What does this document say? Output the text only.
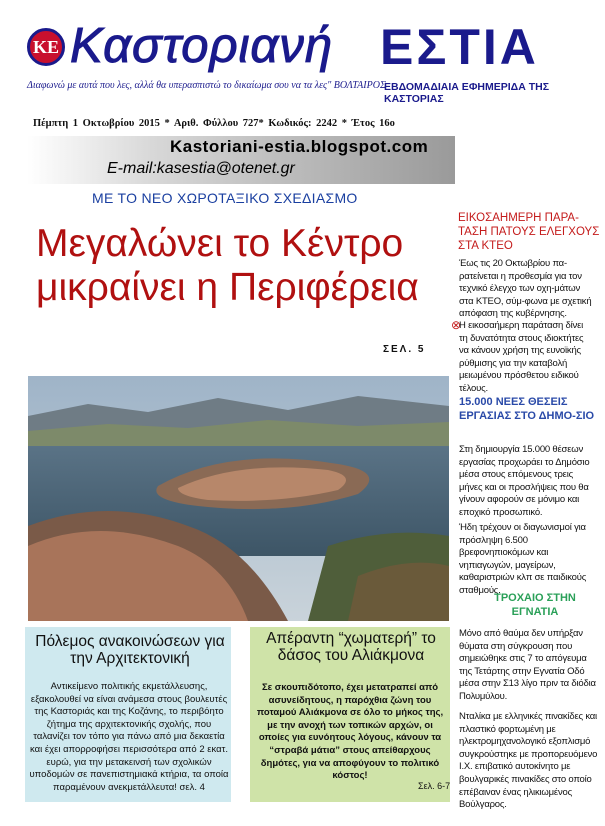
KE Καστοριανή ΕΣΤΙΑ
Διαφωνώ με αυτά που λες, αλλά θα υπερασπιστώ το δικαίωμα σου να τα λες" ΒΟΛΤΑΙΡΟΣ
ΕΒΔΟΜΑΔΙΑΙΑ ΕΦΗΜΕΡΙΔΑ ΤΗΣ ΚΑΣΤΟΡΙΑΣ
Πέμπτη 1 Οκτωβρίου 2015 * Αριθ. Φύλλου 727* Κωδικός: 2242 * Έτος 16ο
Kastoriani-estia.blogspot.com
E-mail:kasestia@otenet.gr
ΜΕ ΤΟ ΝΕΟ ΧΩΡΟΤΑΞΙΚΟ ΣΧΕΔΙΑΣΜΟ
Μεγαλώνει το Κέντρο
μικραίνει η Περιφέρεια
ΣΕΛ. 5
ΕΙΚΟΣΑΗΜΕΡΗ ΠΑΡΑ-ΤΑΣΗ ΠΑΤΟΥΣ ΕΛΕΓΧΟΥΣ ΣΤΑ ΚΤΕΟ
Έως τις 20 Οκτωβρίου πα-ρατείνεται η προθεσμία για τον τεχνικό έλεγχο των οχη-μάτων στα ΚΤΕΟ, σύμ-φωνα με σχετική απόφαση της κυβέρνησης.
⊗
Η εικοσαήμερη παράταση δίνει τη δυνατότητα στους ιδιοκτήτες να κάνουν χρήση της ευνοϊκής ρύθμισης για την καταβολή μειωμένου πρόσθετου ειδικού τέλους.
15.000 ΝΕΕΣ ΘΕΣΕΙΣ ΕΡΓΑΣΙΑΣ ΣΤΟ ΔΗΜΟ-ΣΙΟ
Στη δημιουργία 15.000 θέσεων εργασίας προχωράει το Δημόσιο μέσα στους επόμενους τρεις μήνες και οι προσλήψεις που θα γίνουν αφορούν σε μόνιμο και εποχικό προσωπικό.
Ήδη τρέχουν οι διαγωνισμοί για πρόσληψη 6.500 βρεφονηπιοκόμων και νηπιαγωγών, μαγείρων, καθαριστριών κλπ σε παιδικούς σταθμούς.
ΤΡΟΧΑΙΟ ΣΤΗΝ ΕΓΝΑΤΙΑ
Μόνο από θαύμα δεν υπήρξαν θύματα στη σύγκρουση που σημειώθηκε στις 7 το απόγευμα της Τετάρτης στην Εγνατία Οδό μέσα στην Σ13 λίγο πριν τα διόδια Πολυμύλου.
Νταλίκα με ελληνικές πινακίδες και πλαστικό φορτωμένη με ηλεκτρομηχανολογικό εξοπλισμό συγκρούστηκε με προπορευόμενο Ι.Χ. επιβατικό αυτοκίνητο με βουλγαρικές πινακίδες στο οποίο επέβαιναν ένας ηλικιωμένος Βούλγαρος.
Πόλεμος ανακοινώσεων για την Αρχιτεκτονική
Αντικείμενο πολιτικής εκμετάλλευσης, εξακολουθεί να είναι ανάμεσα στους βουλευτές της Καστοριάς και της Κοζάνης, το περιβόητο ζήτημα της αρχιτεκτονικής σχολής, που ταλανίζει τον τόπο για πάνω από μια δεκαετία και έχει απορροφήσει περισσότερα από 2 εκατ. ευρώ, για την μετακεινσή των σχολικών υποδομών σε πανεπιστημιακά κτήρια, τα οποία παραμένουν ανεκμετάλλευτα! σελ. 4
Απέραντη “χωματερή” το δάσος του Αλιάκμονα
Σε σκουπιδότοπο, έχει μετατραπεί από ασυνείδητους, η παρόχθια ζώνη του ποταμού Αλιάκμονα σε όλο το μήκος της, με την ανοχή των τοπικών αρχών, οι οποίες για ευνόητους λόγους, κάνουν τα “στραβά μάτια” στους απείθαρχους δημότες, για να αποφύγουν το πολιτικό κόστος!
Σελ. 6-7
